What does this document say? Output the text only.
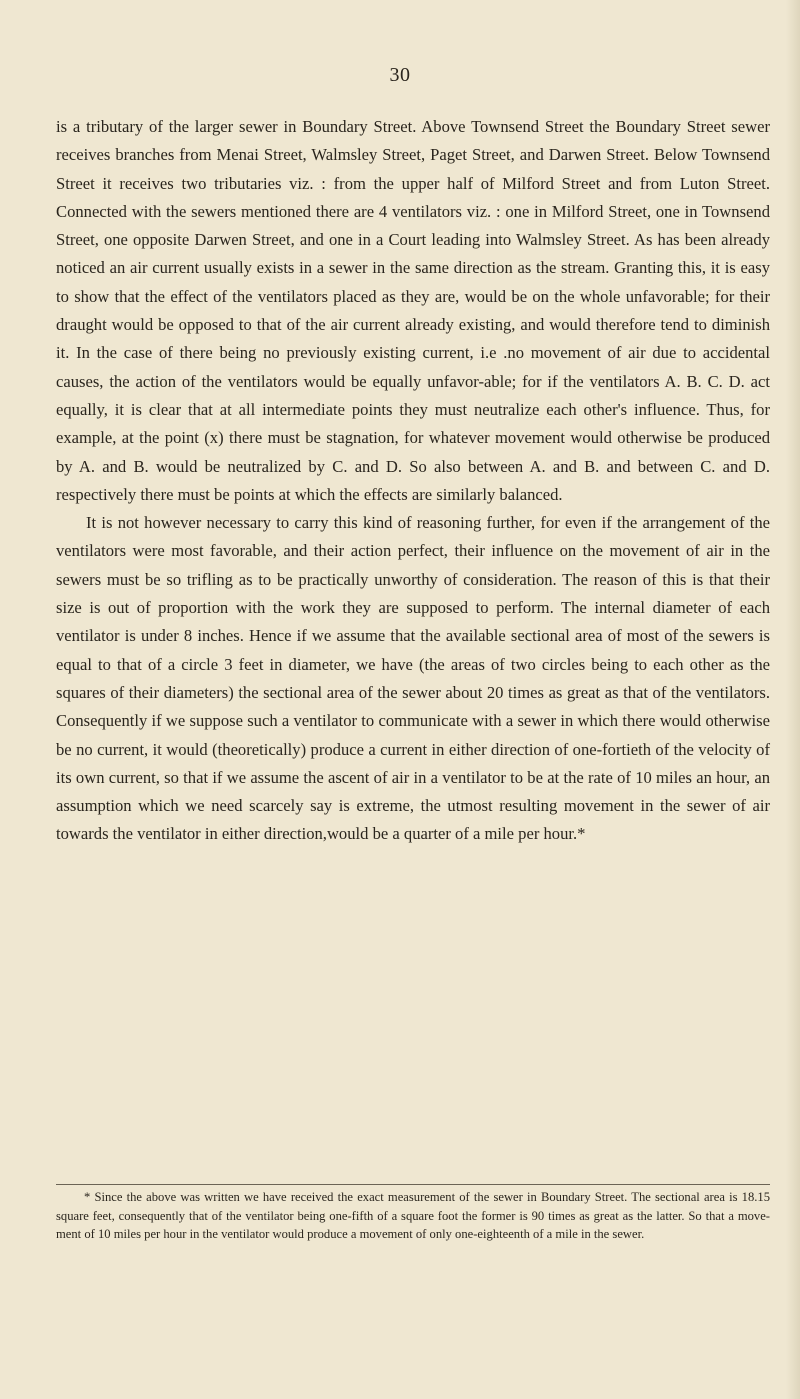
30

is a tributary of the larger sewer in Boundary Street. Above Townsend Street the Boundary Street sewer receives branches from Menai Street, Walmsley Street, Paget Street, and Darwen Street. Below Townsend Street it receives two tributaries viz. : from the upper half of Milford Street and from Luton Street. Connected with the sewers mentioned there are 4 ventilators viz. : one in Milford Street, one in Townsend Street, one opposite Darwen Street, and one in a Court leading into Walmsley Street. As has been already noticed an air current usually exists in a sewer in the same direction as the stream. Granting this, it is easy to show that the effect of the ventilators placed as they are, would be on the whole unfavorable; for their draught would be opposed to that of the air current already existing, and would therefore tend to diminish it. In the case of there being no previously existing current, i.e .no movement of air due to accidental causes, the action of the ventilators would be equally unfavor-able; for if the ventilators A. B. C. D. act equally, it is clear that at all intermediate points they must neutralize each other's influence. Thus, for example, at the point (x) there must be stagnation, for whatever movement would otherwise be produced by A. and B. would be neutralized by C. and D. So also between A. and B. and between C. and D. respectively there must be points at which the effects are similarly balanced.

It is not however necessary to carry this kind of reasoning further, for even if the arrangement of the ventilators were most favorable, and their action perfect, their influence on the movement of air in the sewers must be so trifling as to be practically unworthy of consideration. The reason of this is that their size is out of proportion with the work they are supposed to perform. The internal diameter of each ventilator is under 8 inches. Hence if we assume that the available sectional area of most of the sewers is equal to that of a circle 3 feet in diameter, we have (the areas of two circles being to each other as the squares of their diameters) the sectional area of the sewer about 20 times as great as that of the ventilators. Consequently if we suppose such a ventilator to communicate with a sewer in which there would otherwise be no current, it would (theoretically) produce a current in either direction of one-fortieth of the velocity of its own current, so that if we assume the ascent of air in a ventilator to be at the rate of 10 miles an hour, an assumption which we need scarcely say is extreme, the utmost resulting movement in the sewer of air towards the ventilator in either direction,would be a quarter of a mile per hour.*

* Since the above was written we have received the exact measurement of the sewer in Boundary Street. The sectional area is 18.15 square feet, consequently that of the ventilator being one-fifth of a square foot the former is 90 times as great as the latter. So that a move-ment of 10 miles per hour in the ventilator would produce a movement of only one-eighteenth of a mile in the sewer.
